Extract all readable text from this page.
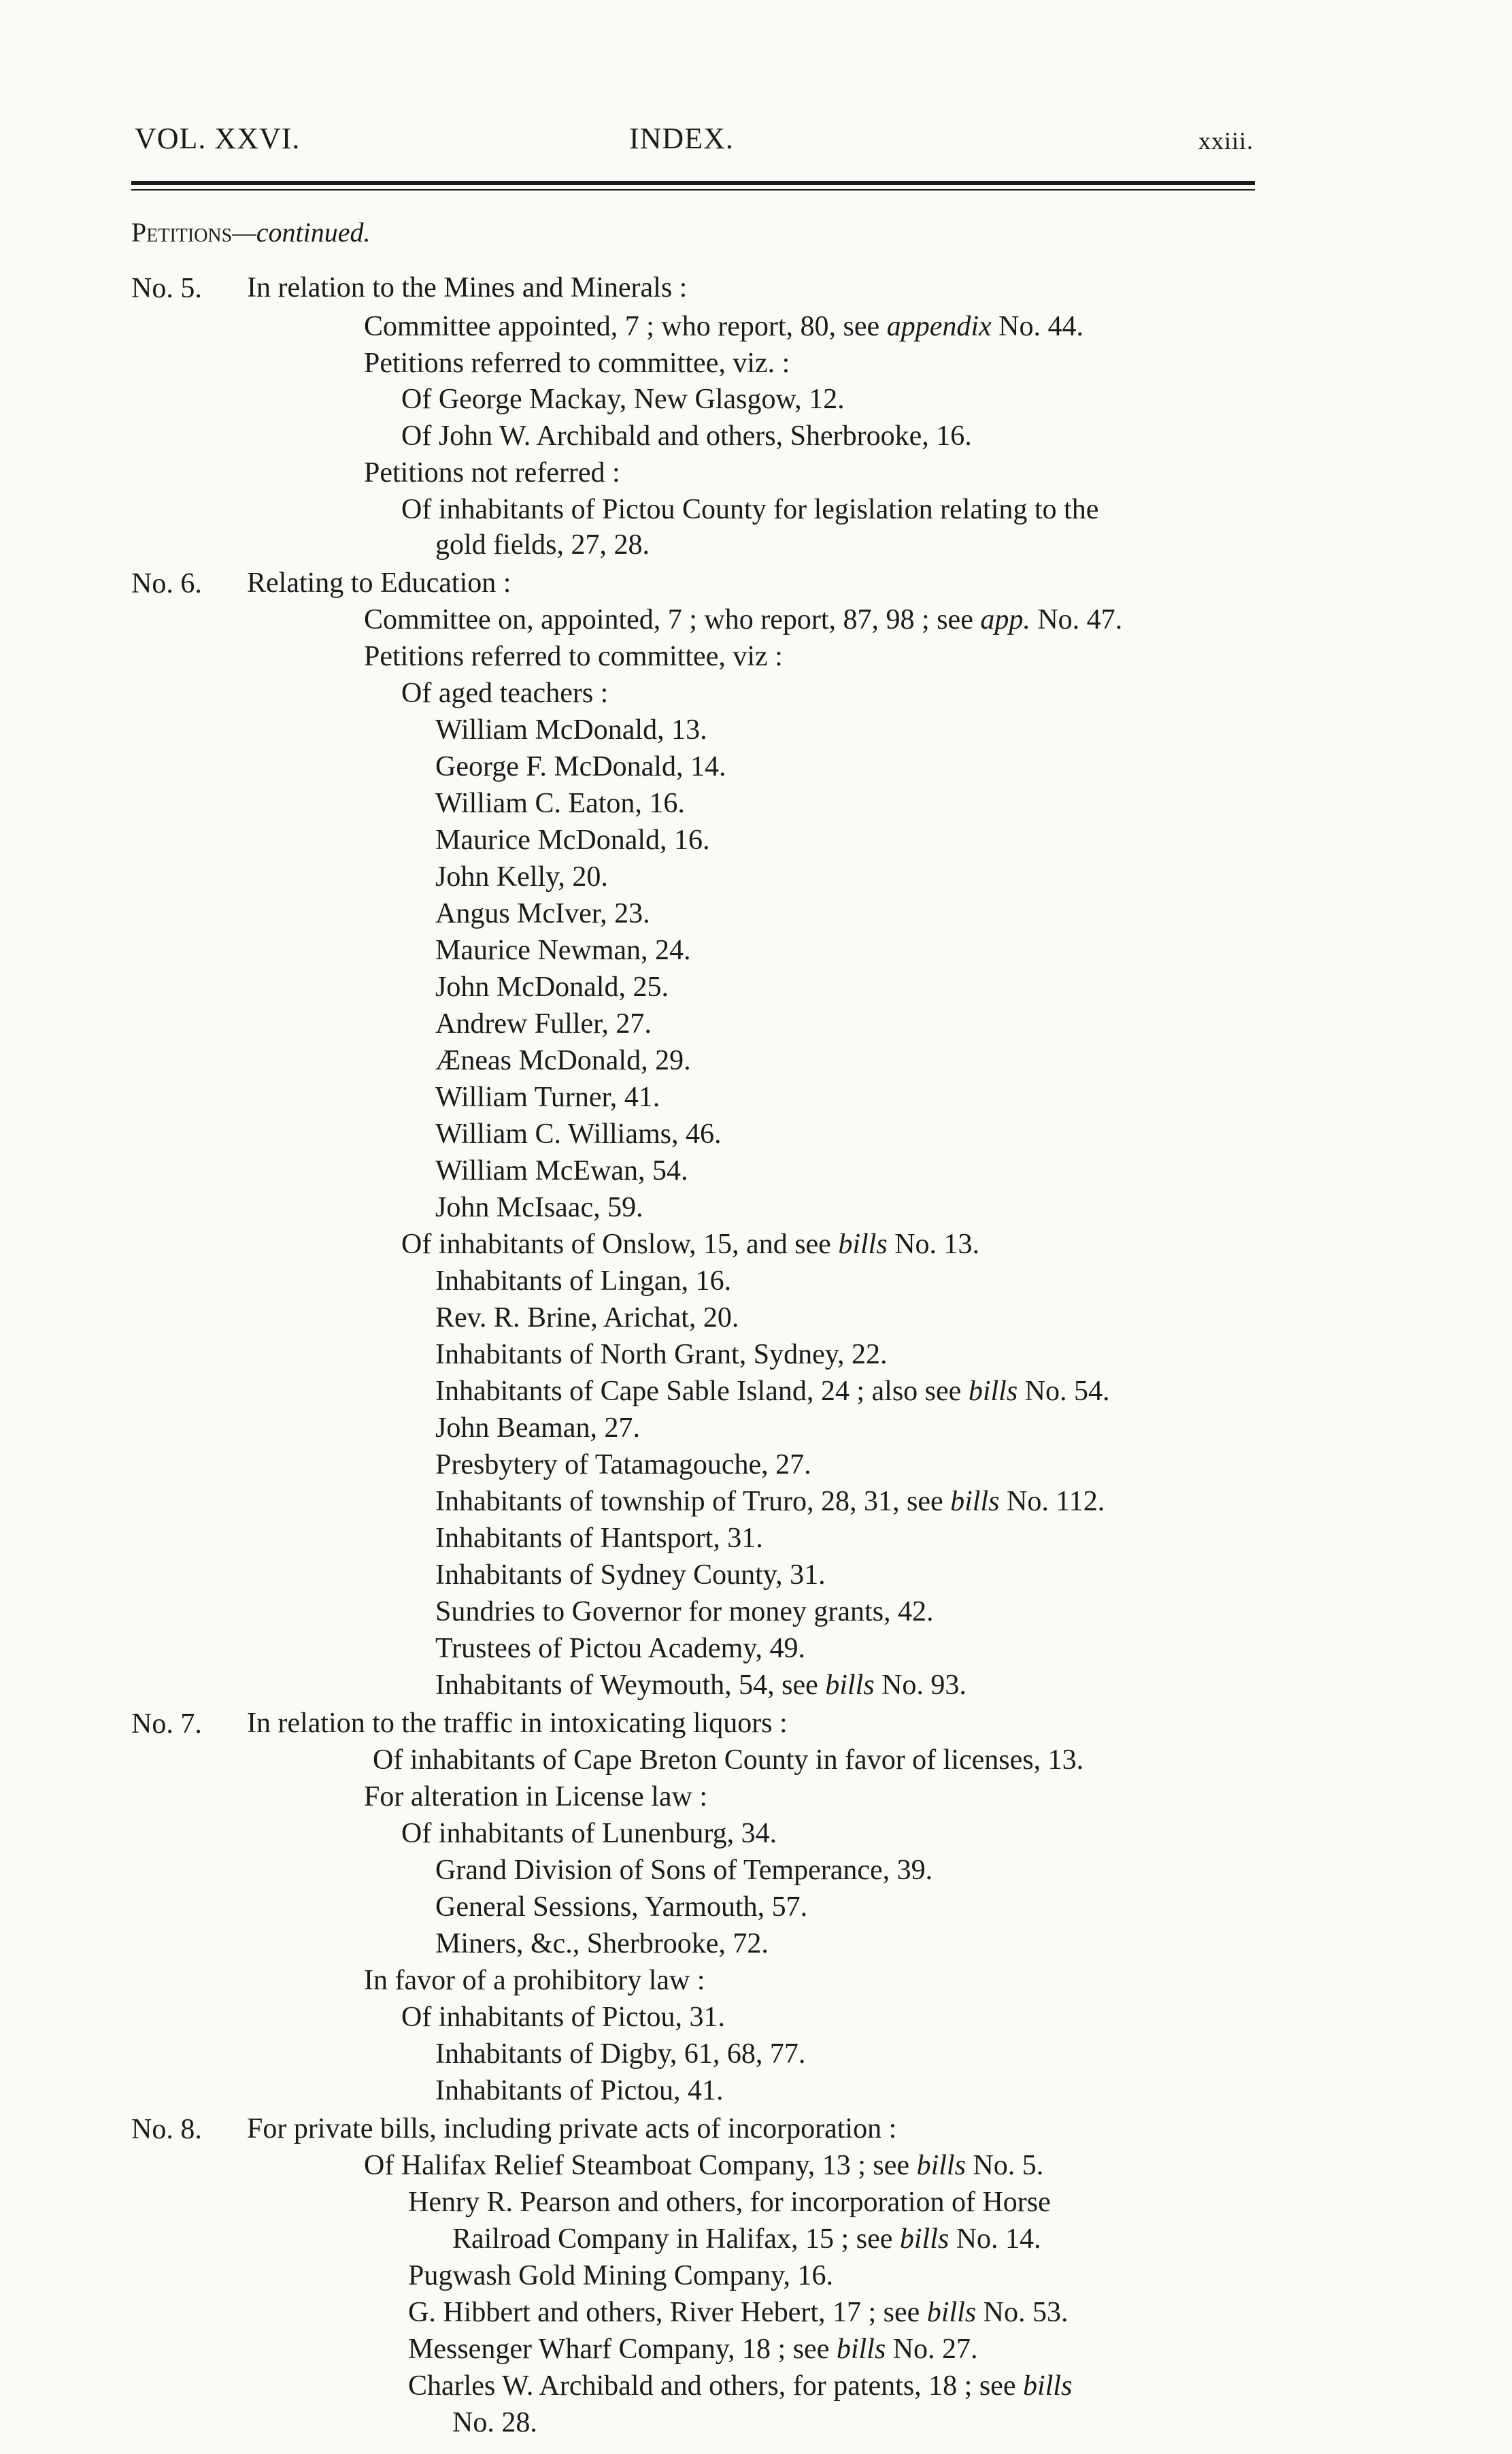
VOL. XXVI.	INDEX.	xxiii.
Petitions—continued.
No. 5. In relation to the Mines and Minerals :
Committee appointed, 7 ; who report, 80, see appendix No. 44.
Petitions referred to committee, viz. :
Of George Mackay, New Glasgow, 12.
Of John W. Archibald and others, Sherbrooke, 16.
Petitions not referred :
Of inhabitants of Pictou County for legislation relating to the
gold fields, 27, 28.
No. 6. Relating to Education :
Committee on, appointed, 7 ; who report, 87, 98 ; see app. No. 47.
Petitions referred to committee, viz :
Of aged teachers :
William McDonald, 13.
George F. McDonald, 14.
William C. Eaton, 16.
Maurice McDonald, 16.
John Kelly, 20.
Angus McIver, 23.
Maurice Newman, 24.
John McDonald, 25.
Andrew Fuller, 27.
Æneas McDonald, 29.
William Turner, 41.
William C. Williams, 46.
William McEwan, 54.
John McIsaac, 59.
Of inhabitants of Onslow, 15, and see bills No. 13.
Inhabitants of Lingan, 16.
Rev. R. Brine, Arichat, 20.
Inhabitants of North Grant, Sydney, 22.
Inhabitants of Cape Sable Island, 24 ; also see bills No. 54.
John Beaman, 27.
Presbytery of Tatamagouche, 27.
Inhabitants of township of Truro, 28, 31, see bills No. 112.
Inhabitants of Hantsport, 31.
Inhabitants of Sydney County, 31.
Sundries to Governor for money grants, 42.
Trustees of Pictou Academy, 49.
Inhabitants of Weymouth, 54, see bills No. 93.
No. 7. In relation to the traffic in intoxicating liquors :
Of inhabitants of Cape Breton County in favor of licenses, 13.
For alteration in License law :
Of inhabitants of Lunenburg, 34.
Grand Division of Sons of Temperance, 39.
General Sessions, Yarmouth, 57.
Miners, &c., Sherbrooke, 72.
In favor of a prohibitory law :
Of inhabitants of Pictou, 31.
Inhabitants of Digby, 61, 68, 77.
Inhabitants of Pictou, 41.
No. 8. For private bills, including private acts of incorporation :
Of Halifax Relief Steamboat Company, 13 ; see bills No. 5.
Henry R. Pearson and others, for incorporation of Horse
Railroad Company in Halifax, 15 ; see bills No. 14.
Pugwash Gold Mining Company, 16.
G. Hibbert and others, River Hebert, 17 ; see bills No. 53.
Messenger Wharf Company, 18 ; see bills No. 27.
Charles W. Archibald and others, for patents, 18 ; see bills
No. 28.
